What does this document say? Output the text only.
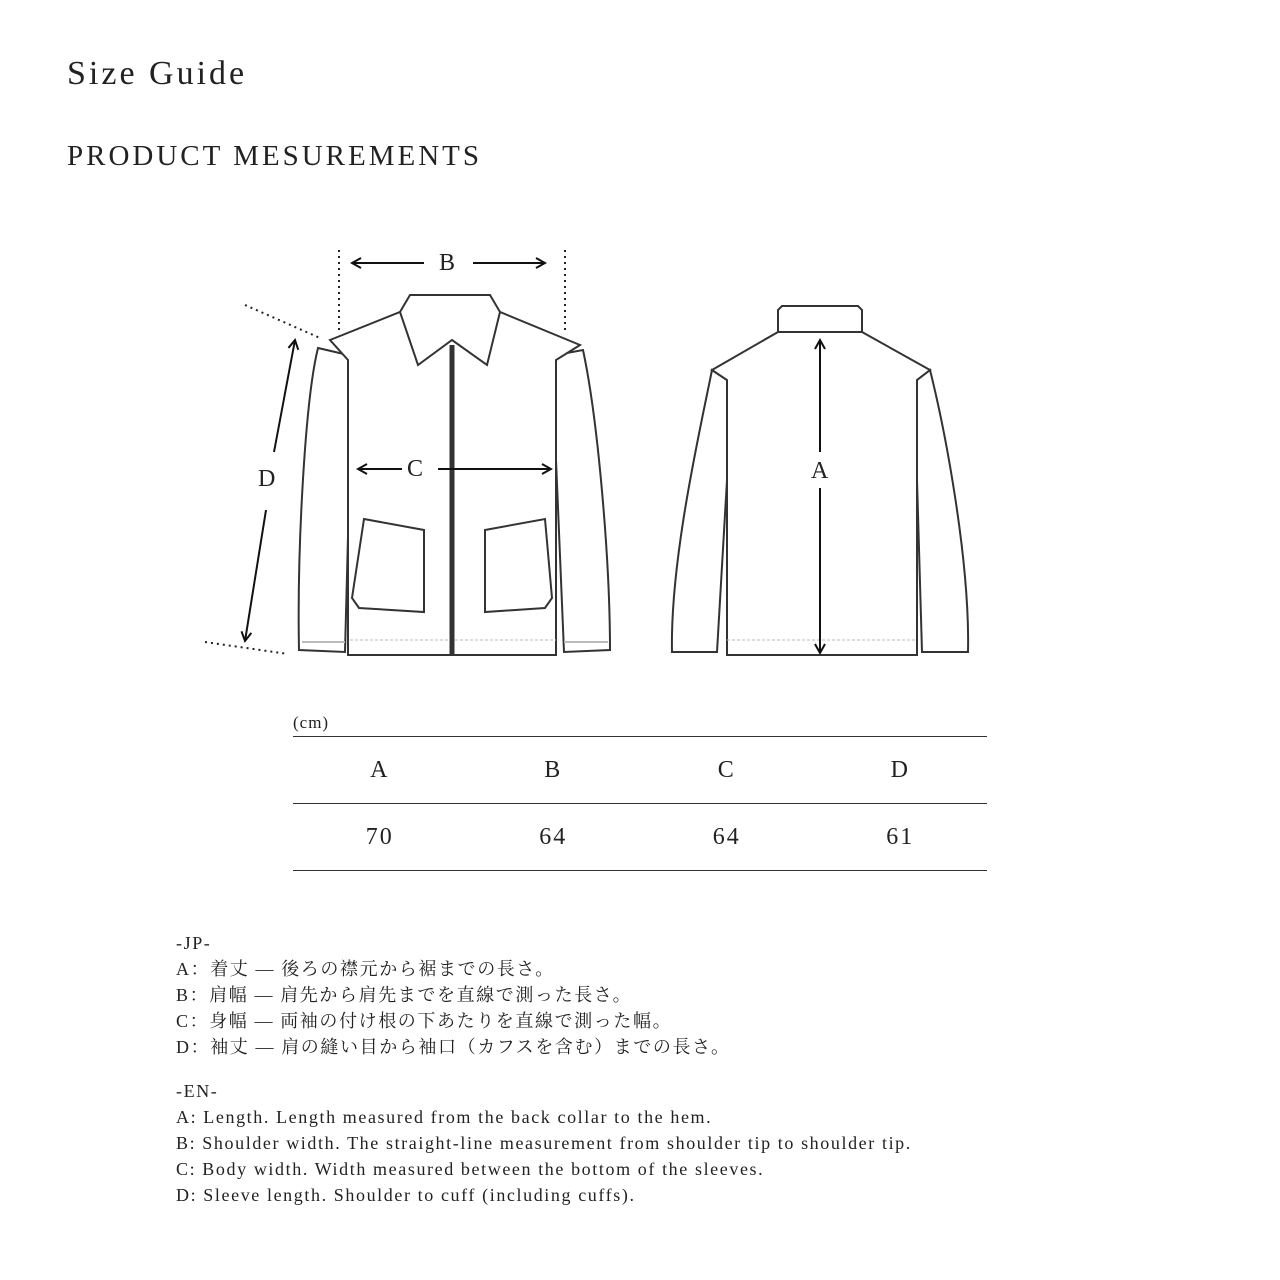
Size Guide
PRODUCT MESUREMENTS
B
C
D	A
(cm)
A	B	C	D
70	64	64	61
-JP-
A：着丈 — 後ろの襟元から裾までの長さ。
B：肩幅 — 肩先から肩先までを直線で測った長さ。
C：身幅 — 両袖の付け根の下あたりを直線で測った幅。
D：袖丈 — 肩の縫い目から袖口（カフスを含む）までの長さ。
-EN-
A: Length. Length measured from the back collar to the hem.
B: Shoulder width. The straight-line measurement from shoulder tip to shoulder tip.
C: Body width. Width measured between the bottom of the sleeves.
D: Sleeve length. Shoulder to cuff (including cuffs).
